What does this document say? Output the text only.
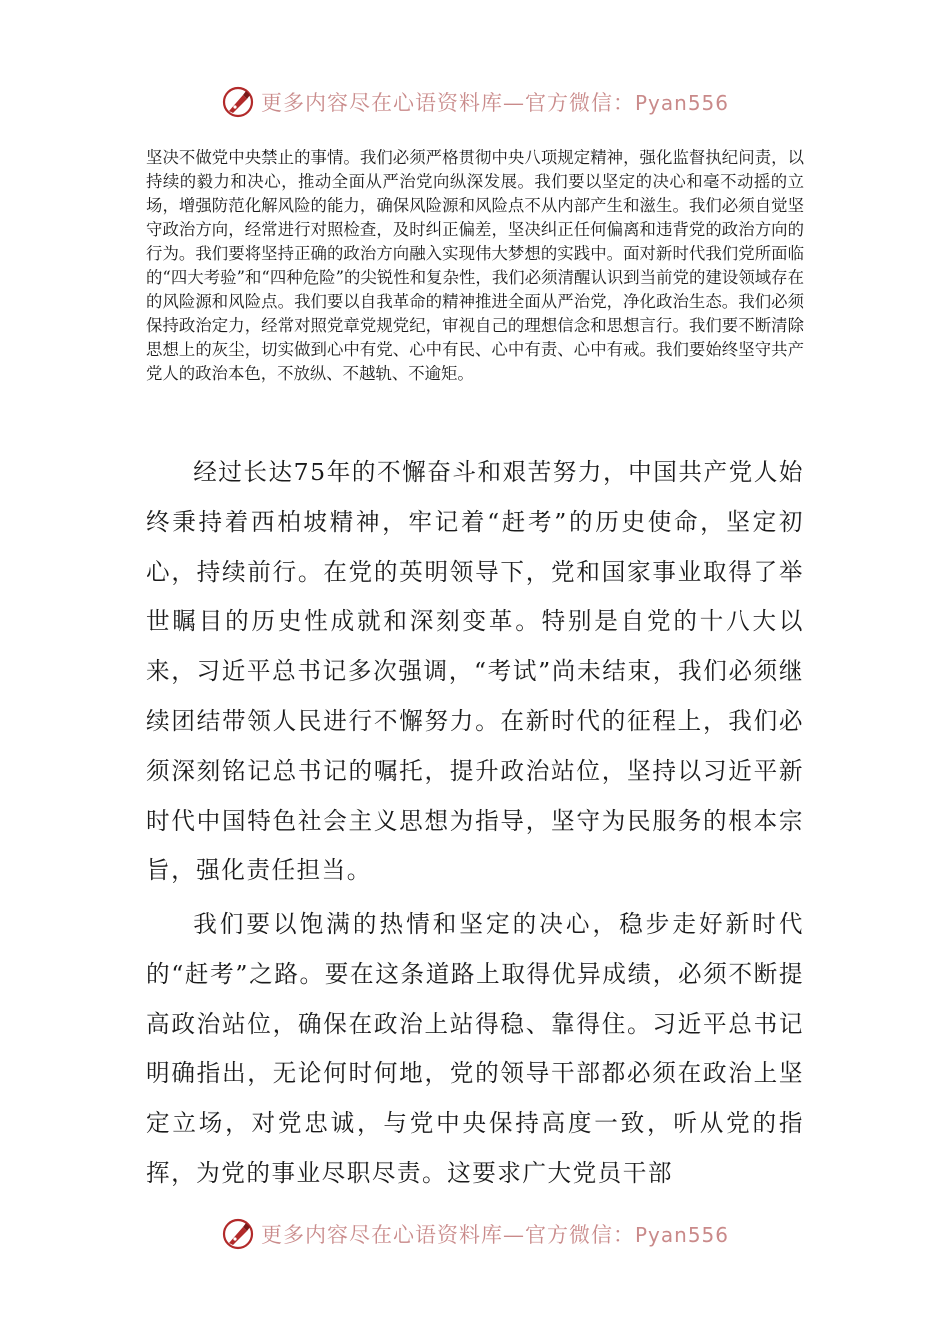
更多内容尽在心语资料库—官方微信：Pyan556

坚决不做党中央禁止的事情。我们必须严格贯彻中央八项规定精神，强化监督执纪问责，以持续的毅力和决心，推动全面从严治党向纵深发展。我们要以坚定的决心和毫不动摇的立场，增强防范化解风险的能力，确保风险源和风险点不从内部产生和滋生。我们必须自觉坚守政治方向，经常进行对照检查，及时纠正偏差，坚决纠正任何偏离和违背党的政治方向的行为。我们要将坚持正确的政治方向融入实现伟大梦想的实践中。面对新时代我们党所面临的“四大考验”和“四种危险”的尖锐性和复杂性，我们必须清醒认识到当前党的建设领域存在的风险源和风险点。我们要以自我革命的精神推进全面从严治党，净化政治生态。我们必须保持政治定力，经常对照党章党规党纪，审视自己的理想信念和思想言行。我们要不断清除思想上的灰尘，切实做到心中有党、心中有民、心中有责、心中有戒。我们要始终坚守共产党人的政治本色，不放纵、不越轨、不逾矩。

经过长达75年的不懈奋斗和艰苦努力，中国共产党人始终秉持着西柏坡精神，牢记着“赶考”的历史使命，坚定初心，持续前行。在党的英明领导下，党和国家事业取得了举世瞩目的历史性成就和深刻变革。特别是自党的十八大以来，习近平总书记多次强调，“考试”尚未结束，我们必须继续团结带领人民进行不懈努力。在新时代的征程上，我们必须深刻铭记总书记的嘱托，提升政治站位，坚持以习近平新时代中国特色社会主义思想为指导，坚守为民服务的根本宗旨，强化责任担当。

我们要以饱满的热情和坚定的决心，稳步走好新时代的“赶考”之路。要在这条道路上取得优异成绩，必须不断提高政治站位，确保在政治上站得稳、靠得住。习近平总书记明确指出，无论何时何地，党的领导干部都必须在政治上坚定立场，对党忠诚，与党中央保持高度一致，听从党的指挥，为党的事业尽职尽责。这要求广大党员干部

更多内容尽在心语资料库—官方微信：Pyan556
